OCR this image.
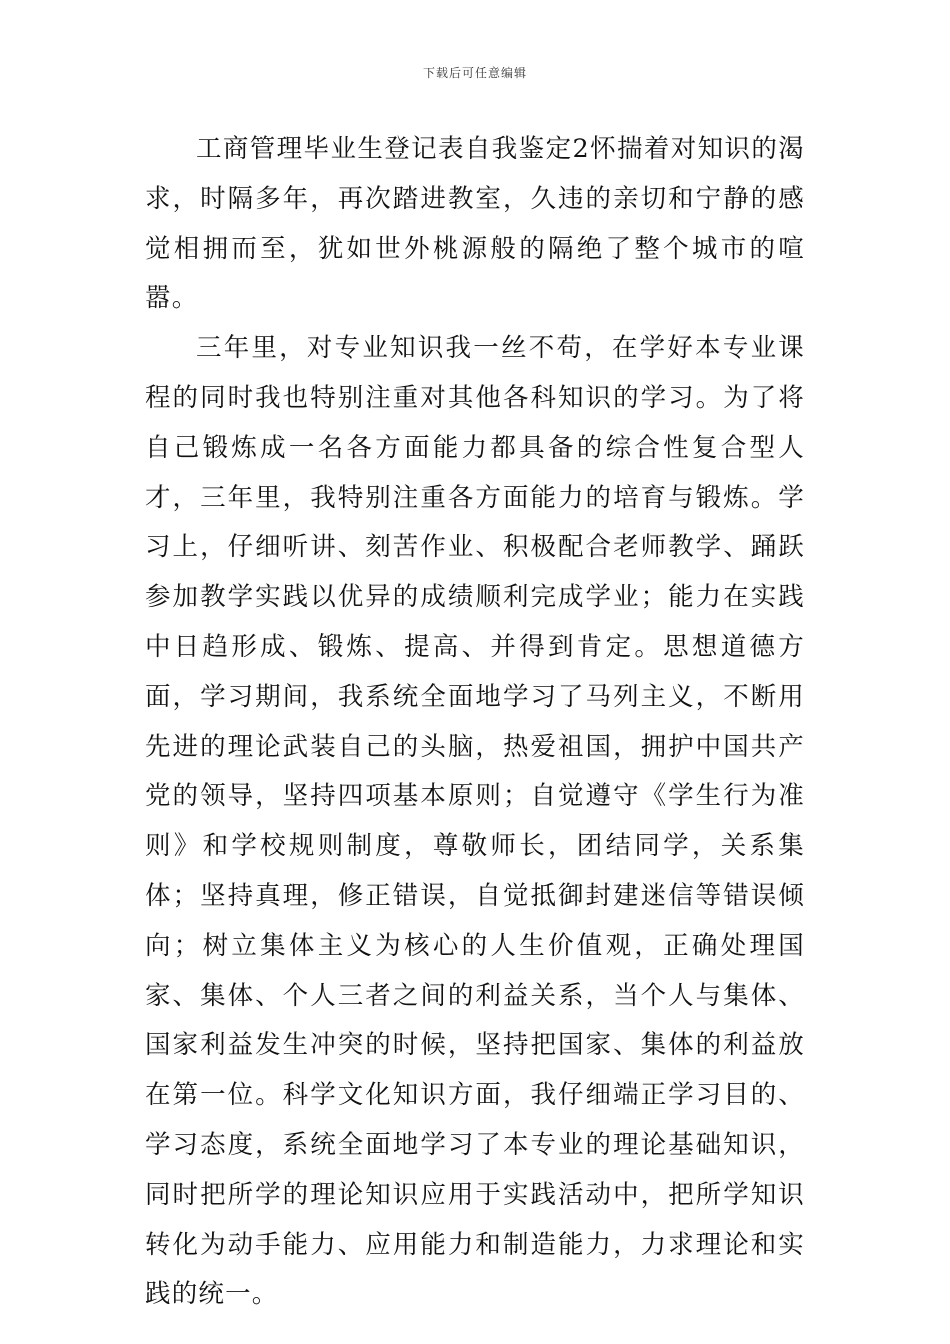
下载后可任意编辑

工商管理毕业生登记表自我鉴定2怀揣着对知识的渴求，时隔多年，再次踏进教室，久违的亲切和宁静的感觉相拥而至，犹如世外桃源般的隔绝了整个城市的喧嚣。

三年里，对专业知识我一丝不苟，在学好本专业课程的同时我也特别注重对其他各科知识的学习。为了将自己锻炼成一名各方面能力都具备的综合性复合型人才，三年里，我特别注重各方面能力的培育与锻炼。学习上，仔细听讲、刻苦作业、积极配合老师教学、踊跃参加教学实践以优异的成绩顺利完成学业；能力在实践中日趋形成、锻炼、提高、并得到肯定。思想道德方面，学习期间，我系统全面地学习了马列主义，不断用先进的理论武装自己的头脑，热爱祖国，拥护中国共产党的领导，坚持四项基本原则；自觉遵守《学生行为准则》和学校规则制度，尊敬师长，团结同学，关系集体；坚持真理，修正错误，自觉抵御封建迷信等错误倾向；树立集体主义为核心的人生价值观，正确处理国家、集体、个人三者之间的利益关系，当个人与集体、国家利益发生冲突的时候，坚持把国家、集体的利益放在第一位。科学文化知识方面，我仔细端正学习目的、学习态度，系统全面地学习了本专业的理论基础知识，同时把所学的理论知识应用于实践活动中，把所学知识转化为动手能力、应用能力和制造能力，力求理论和实践的统一。
